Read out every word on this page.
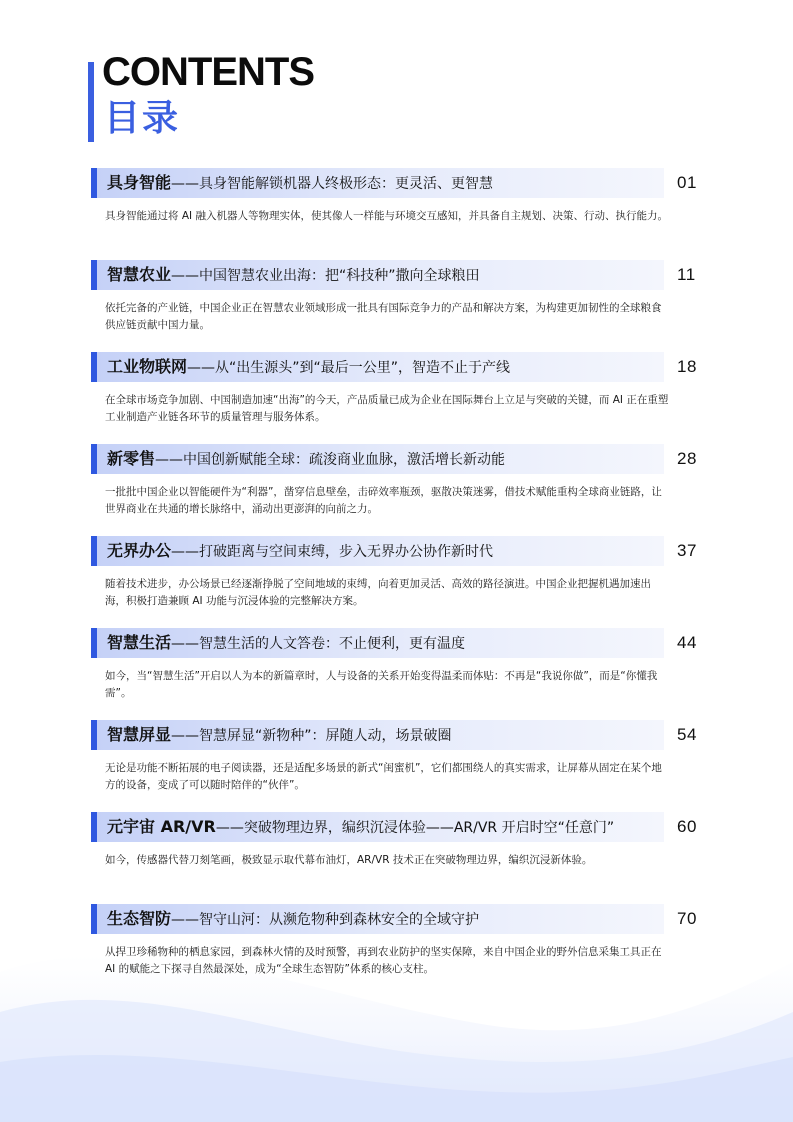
CONTENTS
目录
具身智能——具身智能解锁机器人终极形态：更灵活、更智慧	01
具身智能通过将 AI 融入机器人等物理实体，使其像人一样能与环境交互感知，并具备自主规划、决策、行动、执行能力。
智慧农业——中国智慧农业出海：把“科技种”撒向全球粮田	11
依托完备的产业链，中国企业正在智慧农业领域形成一批具有国际竞争力的产品和解决方案，为构建更加韧性的全球粮食供应链贡献中国力量。
工业物联网——从“出生源头”到“最后一公里”，智造不止于产线	18
在全球市场竞争加剧、中国制造加速“出海”的今天，产品质量已成为企业在国际舞台上立足与突破的关键，而 AI 正在重塑工业制造产业链各环节的质量管理与服务体系。
新零售——中国创新赋能全球：疏浚商业血脉，激活增长新动能	28
一批批中国企业以智能硬件为“利器”，凿穿信息壁垒，击碎效率瓶颈，驱散决策迷雾，借技术赋能重构全球商业链路，让世界商业在共通的增长脉络中，涌动出更澎湃的向前之力。
无界办公——打破距离与空间束缚，步入无界办公协作新时代	37
随着技术进步，办公场景已经逐渐挣脱了空间地域的束缚，向着更加灵活、高效的路径演进。中国企业把握机遇加速出海，积极打造兼顾 AI 功能与沉浸体验的完整解决方案。
智慧生活——智慧生活的人文答卷：不止便利，更有温度	44
如今，当“智慧生活”开启以人为本的新篇章时，人与设备的关系开始变得温柔而体贴：不再是“我说你做”，而是“你懂我需”。
智慧屏显——智慧屏显“新物种”：屏随人动，场景破圈	54
无论是功能不断拓展的电子阅读器，还是适配多场景的新式“闺蜜机”，它们都围绕人的真实需求，让屏幕从固定在某个地方的设备，变成了可以随时陪伴的“伙伴”。
元宇宙 AR/VR——突破物理边界，编织沉浸体验——AR/VR 开启时空“任意门”	60
如今，传感器代替刀刻笔画，极致显示取代幕布油灯，AR/VR 技术正在突破物理边界，编织沉浸新体验。
生态智防——智守山河：从濒危物种到森林安全的全域守护	70
从捍卫珍稀物种的栖息家园，到森林火情的及时预警，再到农业防护的坚实保障，来自中国企业的野外信息采集工具正在 AI 的赋能之下探寻自然最深处，成为“全球生态智防”体系的核心支柱。
